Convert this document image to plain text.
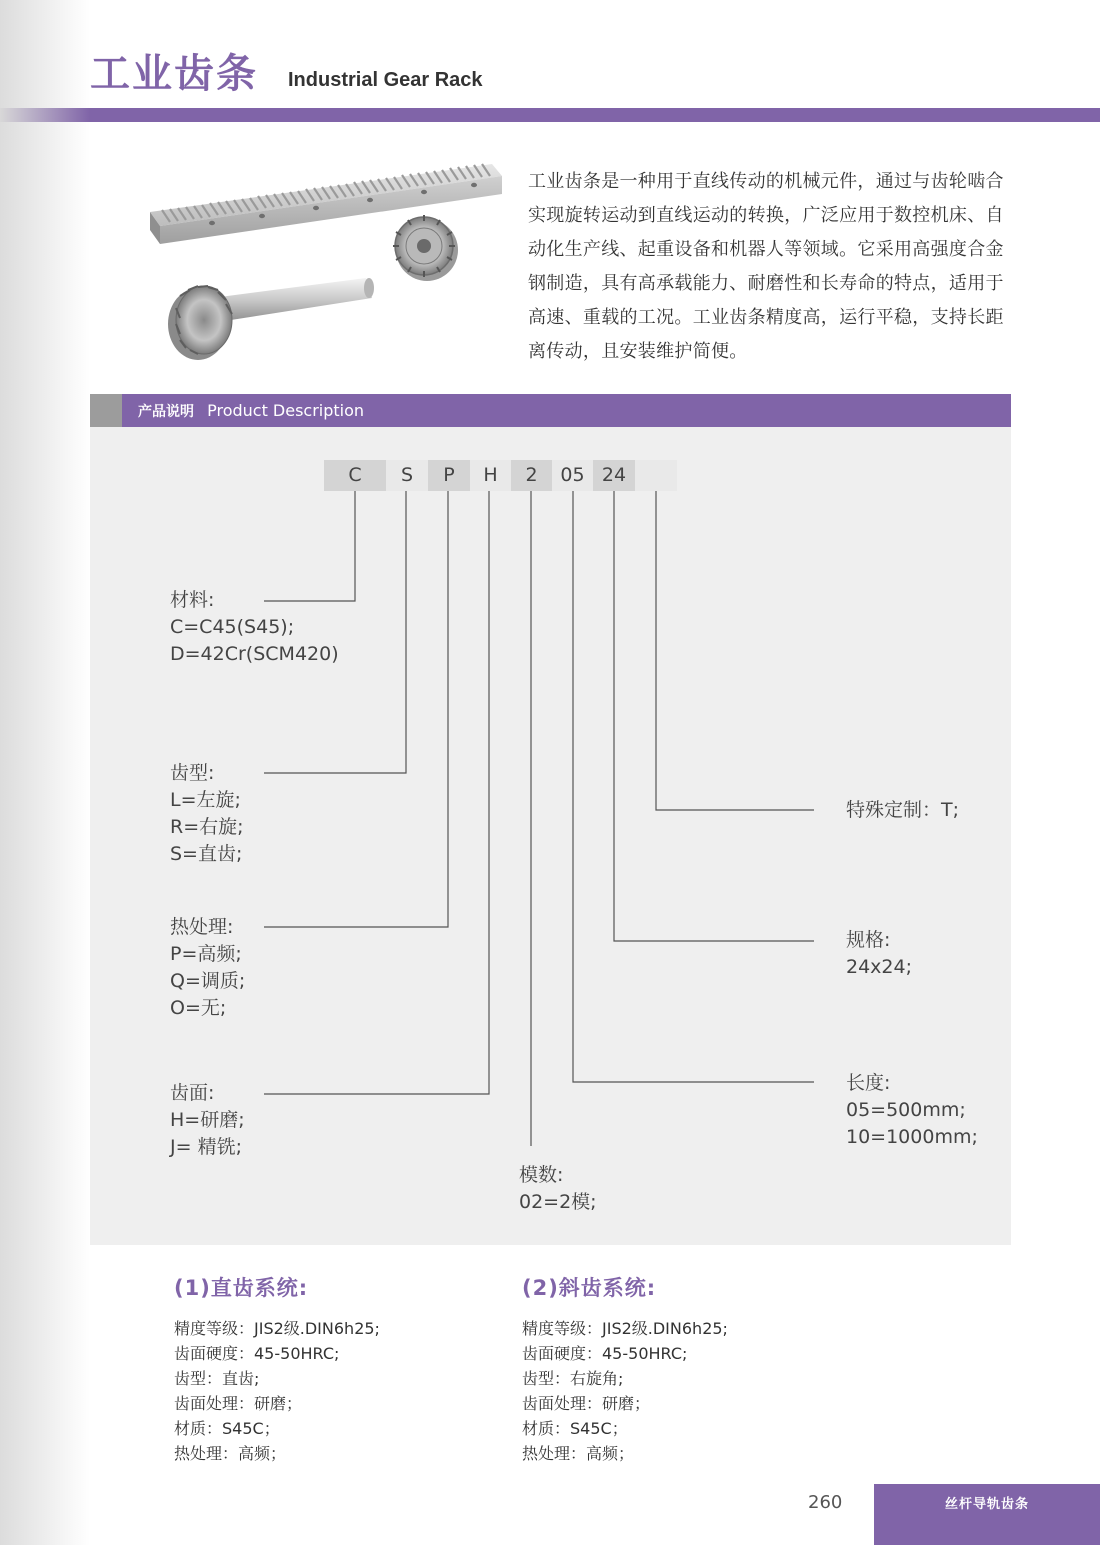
工业齿条 Industrial Gear Rack

工业齿条是一种用于直线传动的机械元件，通过与齿轮啮合实现旋转运动到直线运动的转换，广泛应用于数控机床、自动化生产线、起重设备和机器人等领域。它采用高强度合金钢制造，具有高承载能力、耐磨性和长寿命的特点，适用于高速、重载的工况。工业齿条精度高，运行平稳，支持长距离传动，且安装维护简便。

产品说明 Product Description
C	S	P	H	2	05 24
材料:
C=C45(S45);
D=42Cr(SCM420)
齿型:
L=左旋;
R=右旋;
S=直齿;
热处理:
P=高频;
Q=调质;
O=无;
齿面:
H=研磨;
J= 精铣;
模数:
02=2模;
特殊定制：T;
规格:
24x24;
长度:
05=500mm;
10=1000mm;
(1)直齿系统:
精度等级：JIS2级.DIN6h25;
齿面硬度：45-50HRC;
齿型：直齿;
齿面处理：研磨；
材质：S45C；
热处理：高频；
(2)斜齿系统:
精度等级：JIS2级.DIN6h25;
齿面硬度：45-50HRC;
齿型：右旋角;
齿面处理：研磨；
材质：S45C；
热处理：高频；
260	丝杆导轨齿条
